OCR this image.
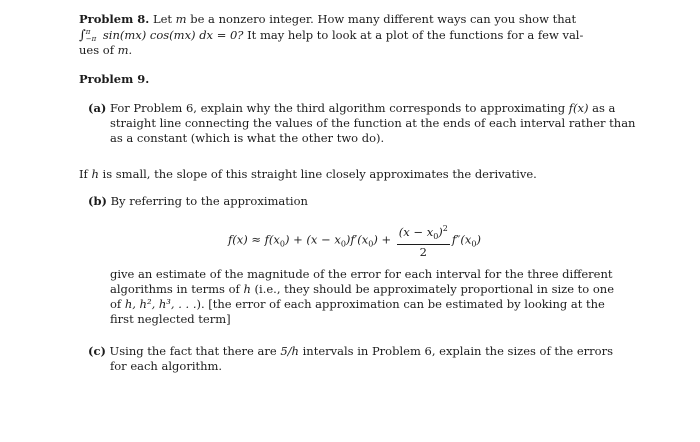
Problem 8. Let m be a nonzero integer. How many different ways can you show that
∫ π
−π sin(mx) cos(mx) dx = 0? It may help to look at a plot of the functions for a few val-
ues of m.
Problem 9.
(a) For Problem 6, explain why the third algorithm corresponds to approximating f(x) as a
straight line connecting the values of the function at the ends of each interval rather than
as a constant (which is what the other two do).
If h is small, the slope of this straight line closely approximates the derivative.
(b) By referring to the approximation
$f(x) \approx f(x_0) + (x - x_0)f'(x_0) + \frac{(x - x_0)^2}{2} f''(x_0)$
give an estimate of the magnitude of the error for each interval for the three different
algorithms in terms of h (i.e., they should be approximately proportional in size to one
of h, h², h³, . . .). [the error of each approximation can be estimated by looking at the
first neglected term]
(c) Using the fact that there are 5/h intervals in Problem 6, explain the sizes of the errors
for each algorithm.
